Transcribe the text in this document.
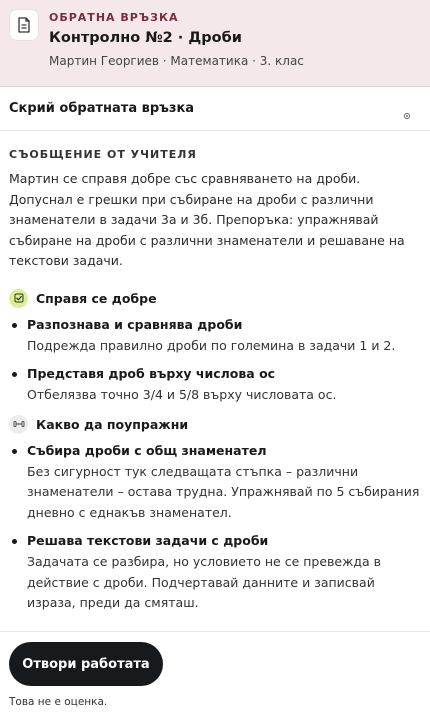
ОБРАТНА ВРЪЗКА
Контролно №2 · Дроби
Мартин Георгиев · Математика · 3. клас
Скрий обратната връзка
СЪОБЩЕНИЕ ОТ УЧИТЕЛЯ
Мартин се справя добре със сравняването на дроби. Допуснал е грешки при събиране на дроби с различни знаменатели в задачи 3а и 3б. Препоръка: упражнявай събиране на дроби с различни знаменатели и решаване на текстови задачи.
Справя се добре
Разпознава и сравнява дроби
Подрежда правилно дроби по големина в задачи 1 и 2.
Представя дроб върху числова ос
Отбелязва точно 3/4 и 5/8 върху числовата ос.
Какво да поупражни
Събира дроби с общ знаменател
Без сигурност тук следващата стъпка – различни знаменатели – остава трудна. Упражнявай по 5 събирания дневно с еднакъв знаменател.
Решава текстови задачи с дроби
Задачата се разбира, но условието не се превежда в действие с дроби. Подчертавай данните и записвай израза, преди да смяташ.
Отвори работата
Това не е оценка.
